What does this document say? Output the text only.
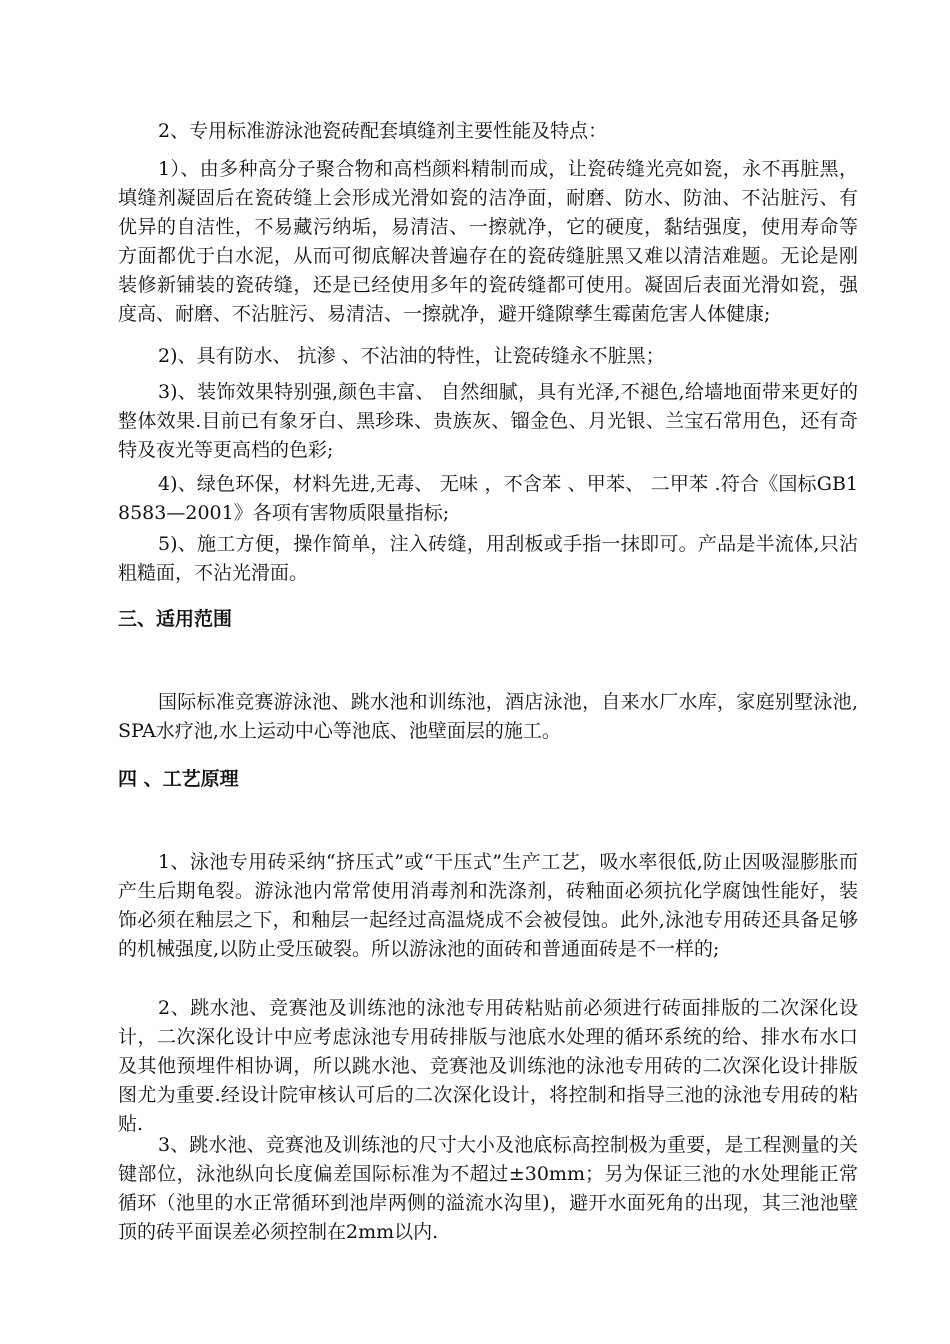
2、专用标准游泳池瓷砖配套填缝剂主要性能及特点：

1）、由多种高分子聚合物和高档颜料精制而成，让瓷砖缝光亮如瓷，永不再脏黑，填缝剂凝固后在瓷砖缝上会形成光滑如瓷的洁净面，耐磨、防水、防油、不沾脏污、有优异的自洁性，不易藏污纳垢，易清洁、一擦就净，它的硬度，黏结强度，使用寿命等方面都优于白水泥，从而可彻底解决普遍存在的瓷砖缝脏黑又难以清洁难题。无论是刚装修新铺装的瓷砖缝，还是已经使用多年的瓷砖缝都可使用。凝固后表面光滑如瓷，强度高、耐磨、不沾脏污、易清洁、一擦就净，避开缝隙孳生霉菌危害人体健康;

2)、具有防水、 抗渗 、不沾油的特性，让瓷砖缝永不脏黑；

3)、装饰效果特别强,颜色丰富、 自然细腻，具有光泽,不褪色,给墙地面带来更好的整体效果.目前已有象牙白、黑珍珠、贵族灰、镏金色、月光银、兰宝石常用色，还有奇特及夜光等更高档的色彩;

4)、绿色环保，材料先进,无毒、 无味 ，不含苯 、甲苯、 二甲苯 .符合《国标GB18583—2001》各项有害物质限量指标;

5)、施工方便，操作简单，注入砖缝，用刮板或手指一抹即可。产品是半流体,只沾粗糙面，不沾光滑面。

三、适用范围

国际标准竞赛游泳池、跳水池和训练池，酒店泳池，自来水厂水库，家庭别墅泳池,SPA水疗池,水上运动中心等池底、池壁面层的施工。

四 、工艺原理

1、泳池专用砖采纳“挤压式”或“干压式”生产工艺，吸水率很低,防止因吸湿膨胀而产生后期龟裂。游泳池内常常使用消毒剂和洗涤剂，砖釉面必须抗化学腐蚀性能好，装饰必须在釉层之下，和釉层一起经过高温烧成不会被侵蚀。此外,泳池专用砖还具备足够的机械强度,以防止受压破裂。所以游泳池的面砖和普通面砖是不一样的;

2、跳水池、竞赛池及训练池的泳池专用砖粘贴前必须进行砖面排版的二次深化设计，二次深化设计中应考虑泳池专用砖排版与池底水处理的循环系统的给、排水布水口及其他预埋件相协调，所以跳水池、竞赛池及训练池的泳池专用砖的二次深化设计排版图尤为重要.经设计院审核认可后的二次深化设计，将控制和指导三池的泳池专用砖的粘贴.

3、跳水池、竞赛池及训练池的尺寸大小及池底标高控制极为重要，是工程测量的关键部位，泳池纵向长度偏差国际标准为不超过±30mm；另为保证三池的水处理能正常循环（池里的水正常循环到池岸两侧的溢流水沟里)，避开水面死角的出现，其三池池壁顶的砖平面误差必须控制在2mm以内.
